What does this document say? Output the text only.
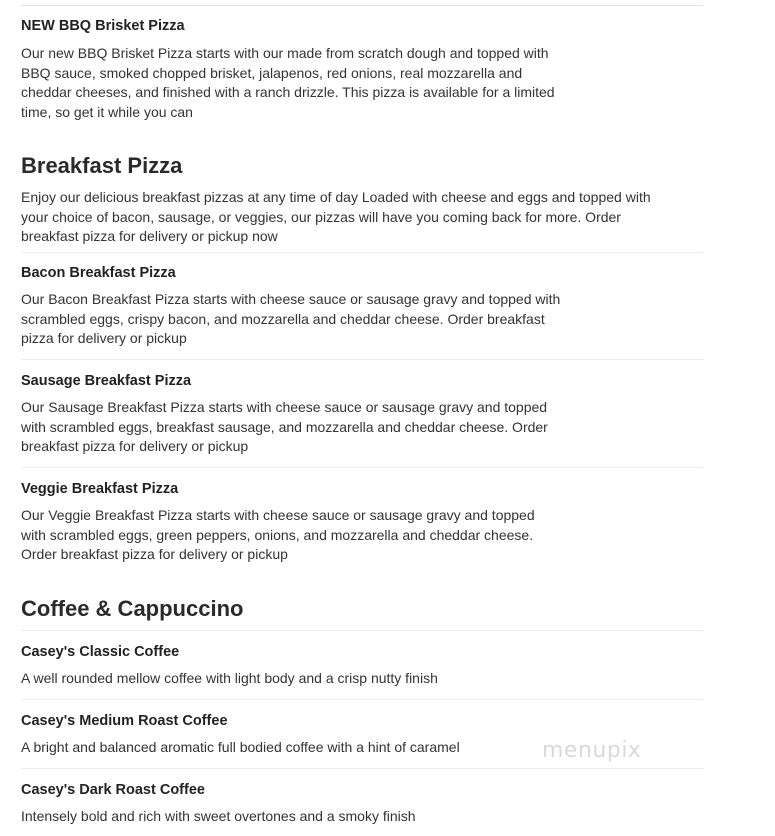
NEW BBQ Brisket Pizza

Our new BBQ Brisket Pizza starts with our made from scratch dough and topped with
BBQ sauce, smoked chopped brisket, jalapenos, red onions, real mozzarella and
cheddar cheeses, and finished with a ranch drizzle. This pizza is available for a limited
time, so get it while you can

Breakfast Pizza

Enjoy our delicious breakfast pizzas at any time of day Loaded with cheese and eggs and topped with
your choice of bacon, sausage, or veggies, our pizzas will have you coming back for more. Order
breakfast pizza for delivery or pickup now

Bacon Breakfast Pizza

Our Bacon Breakfast Pizza starts with cheese sauce or sausage gravy and topped with
scrambled eggs, crispy bacon, and mozzarella and cheddar cheese. Order breakfast
pizza for delivery or pickup

Sausage Breakfast Pizza

Our Sausage Breakfast Pizza starts with cheese sauce or sausage gravy and topped
with scrambled eggs, breakfast sausage, and mozzarella and cheddar cheese. Order
breakfast pizza for delivery or pickup

Veggie Breakfast Pizza

Our Veggie Breakfast Pizza starts with cheese sauce or sausage gravy and topped
with scrambled eggs, green peppers, onions, and mozzarella and cheddar cheese.
Order breakfast pizza for delivery or pickup

Coffee & Cappuccino
Casey's Classic Coffee

A well rounded mellow coffee with light body and a crisp nutty finish

Casey's Medium Roast Coffee

A bright and balanced aromatic full bodied coffee with a hint of caramel

Casey's Dark Roast Coffee

Intensely bold and rich with sweet overtones and a smoky finish

menupix
